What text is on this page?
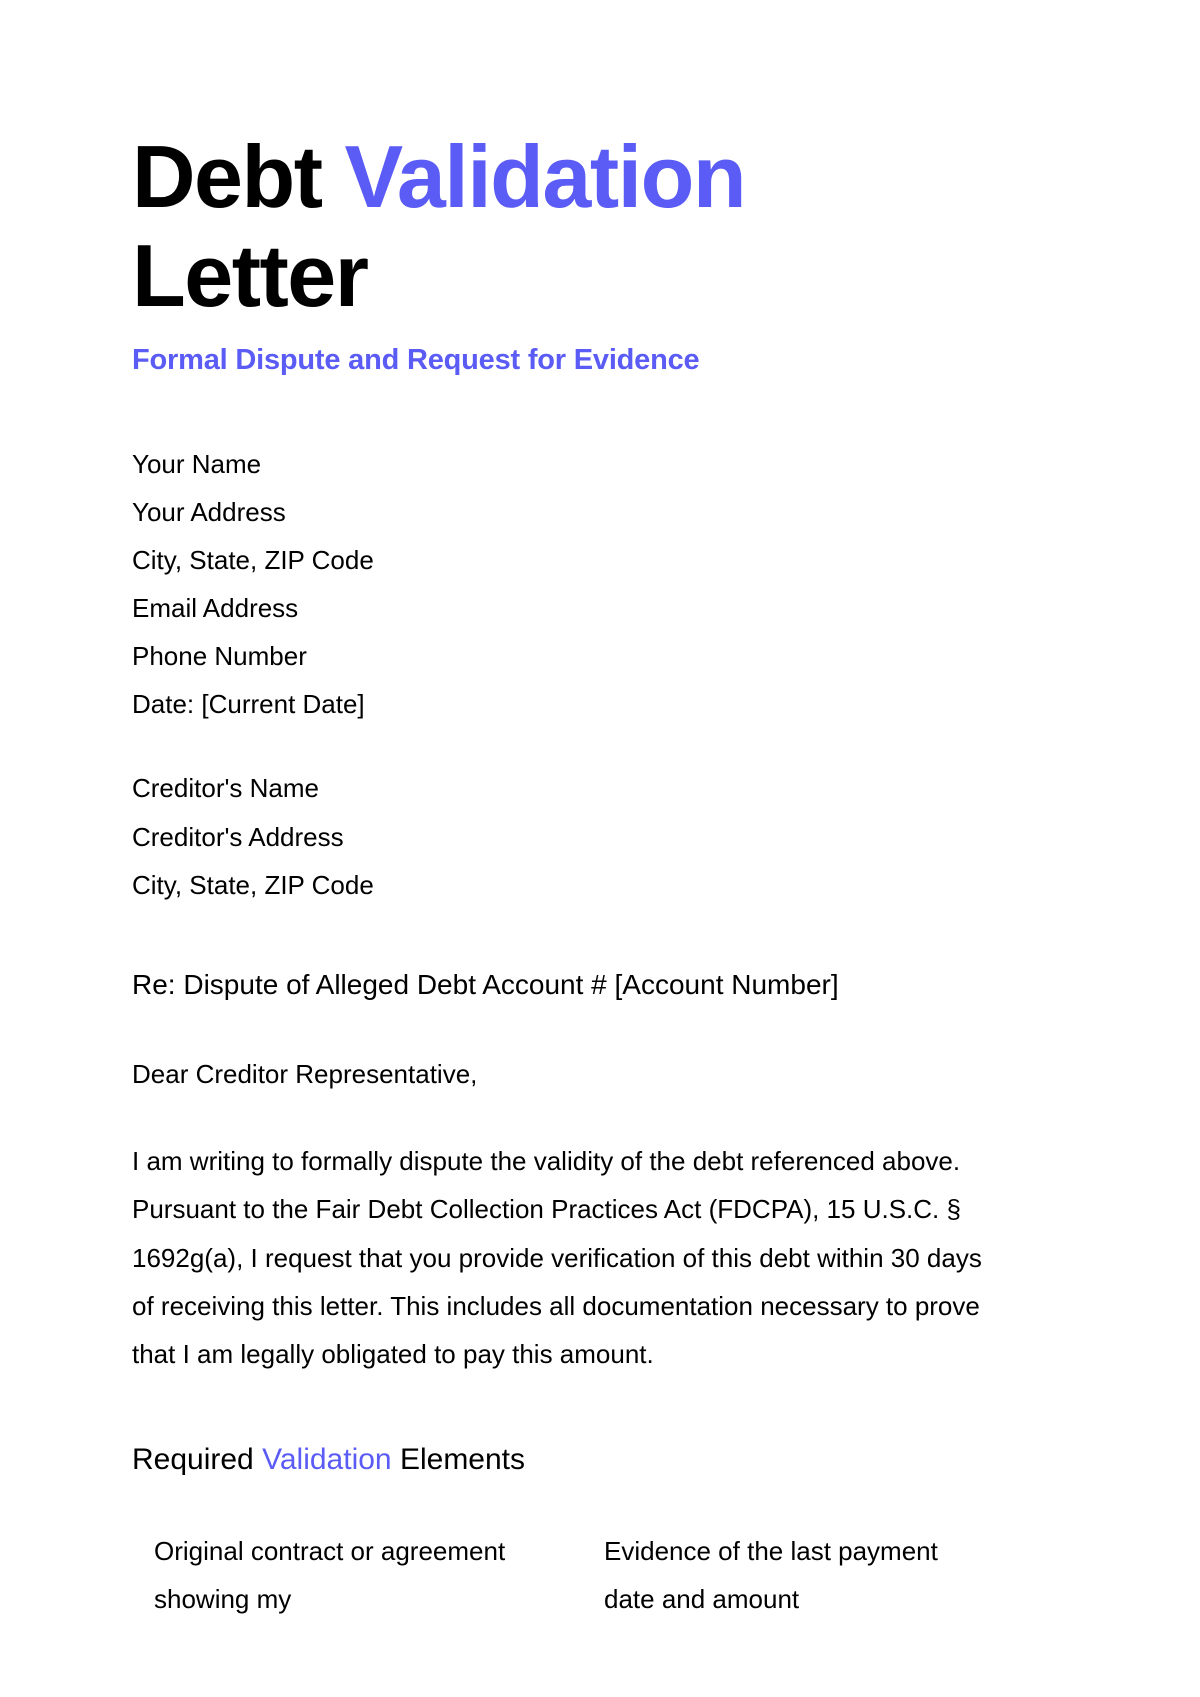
Debt Validation Letter
Formal Dispute and Request for Evidence
Your Name
Your Address
City, State, ZIP Code
Email Address
Phone Number
Date: [Current Date]
Creditor's Name
Creditor's Address
City, State, ZIP Code
Re: Dispute of Alleged Debt Account # [Account Number]
Dear Creditor Representative,

I am writing to formally dispute the validity of the debt referenced above. Pursuant to the Fair Debt Collection Practices Act (FDCPA), 15 U.S.C. § 1692g(a), I request that you provide verification of this debt within 30 days of receiving this letter. This includes all documentation necessary to prove that I am legally obligated to pay this amount.

Required Validation Elements
Original contract or agreement showing my
Evidence of the last payment date and amount
